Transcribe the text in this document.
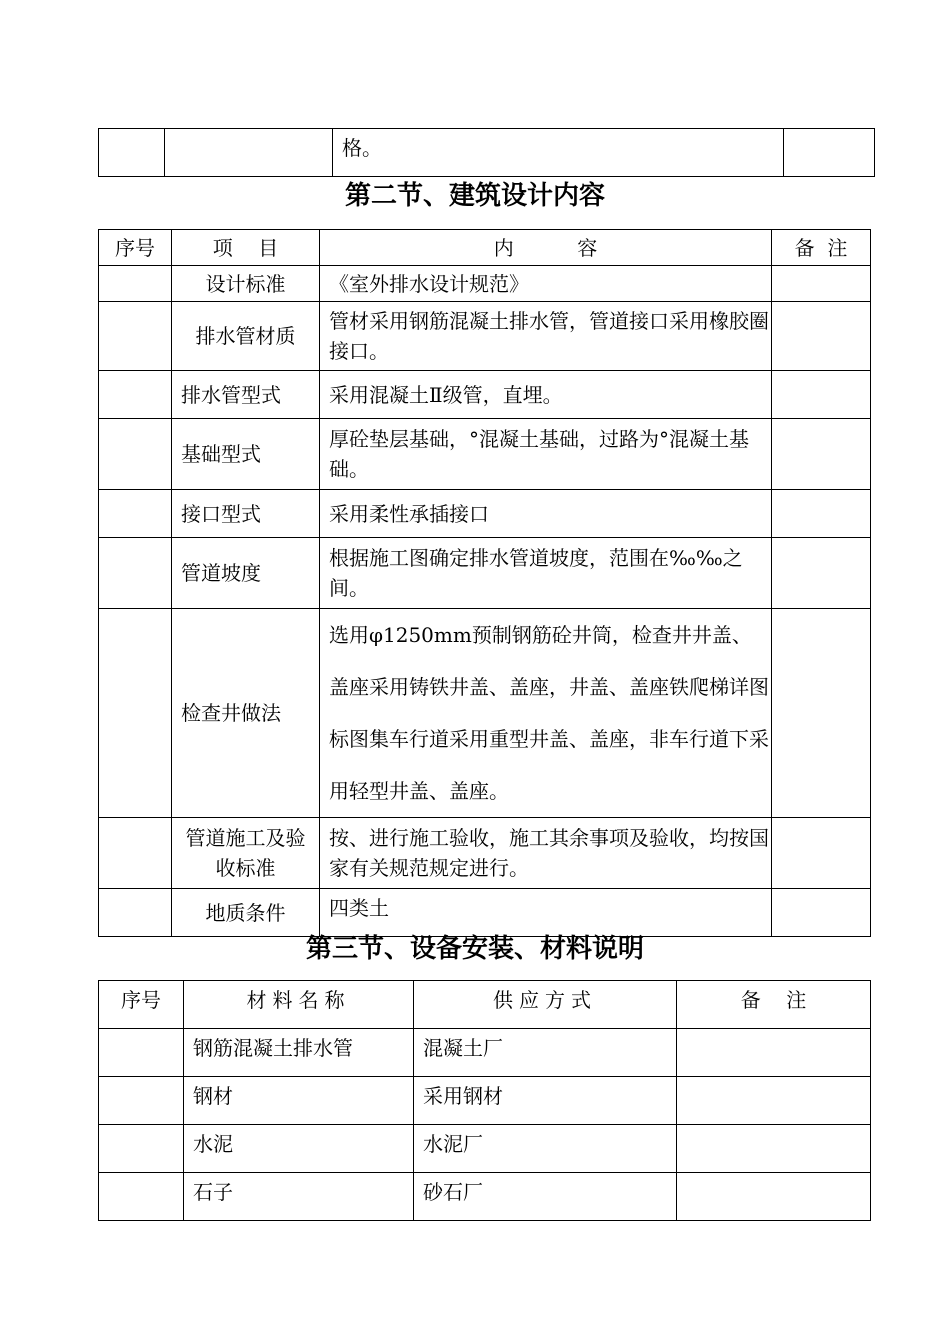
		格。	
第二节、建筑设计内容
序号	项    目	内          容	备  注
	设计标准	《室外排水设计规范》	
	排水管材质	管材采用钢筋混凝土排水管，管道接口采用橡胶圈接口。	
	排水管型式	采用混凝土Ⅱ级管，直埋。	
	基础型式	厚砼垫层基础，°混凝土基础，过路为°混凝土基础。	
	接口型式	采用柔性承插接口	
	管道坡度	根据施工图确定排水管道坡度，范围在‰‰之间。	
	检查井做法	选用φ1250mm预制钢筋砼井筒，检查井井盖、盖座采用铸铁井盖、盖座，井盖、盖座铁爬梯详图标图集车行道采用重型井盖、盖座，非车行道下采用轻型井盖、盖座。	
	管道施工及验收标准	按、进行施工验收，施工其余事项及验收，均按国家有关规范规定进行。	
	地质条件	四类土	
第三节、设备安装、材料说明
序号	材料名称	供应方式	备    注
	钢筋混凝土排水管	混凝土厂	
	钢材	采用钢材	
	水泥	水泥厂	
	石子	砂石厂	
